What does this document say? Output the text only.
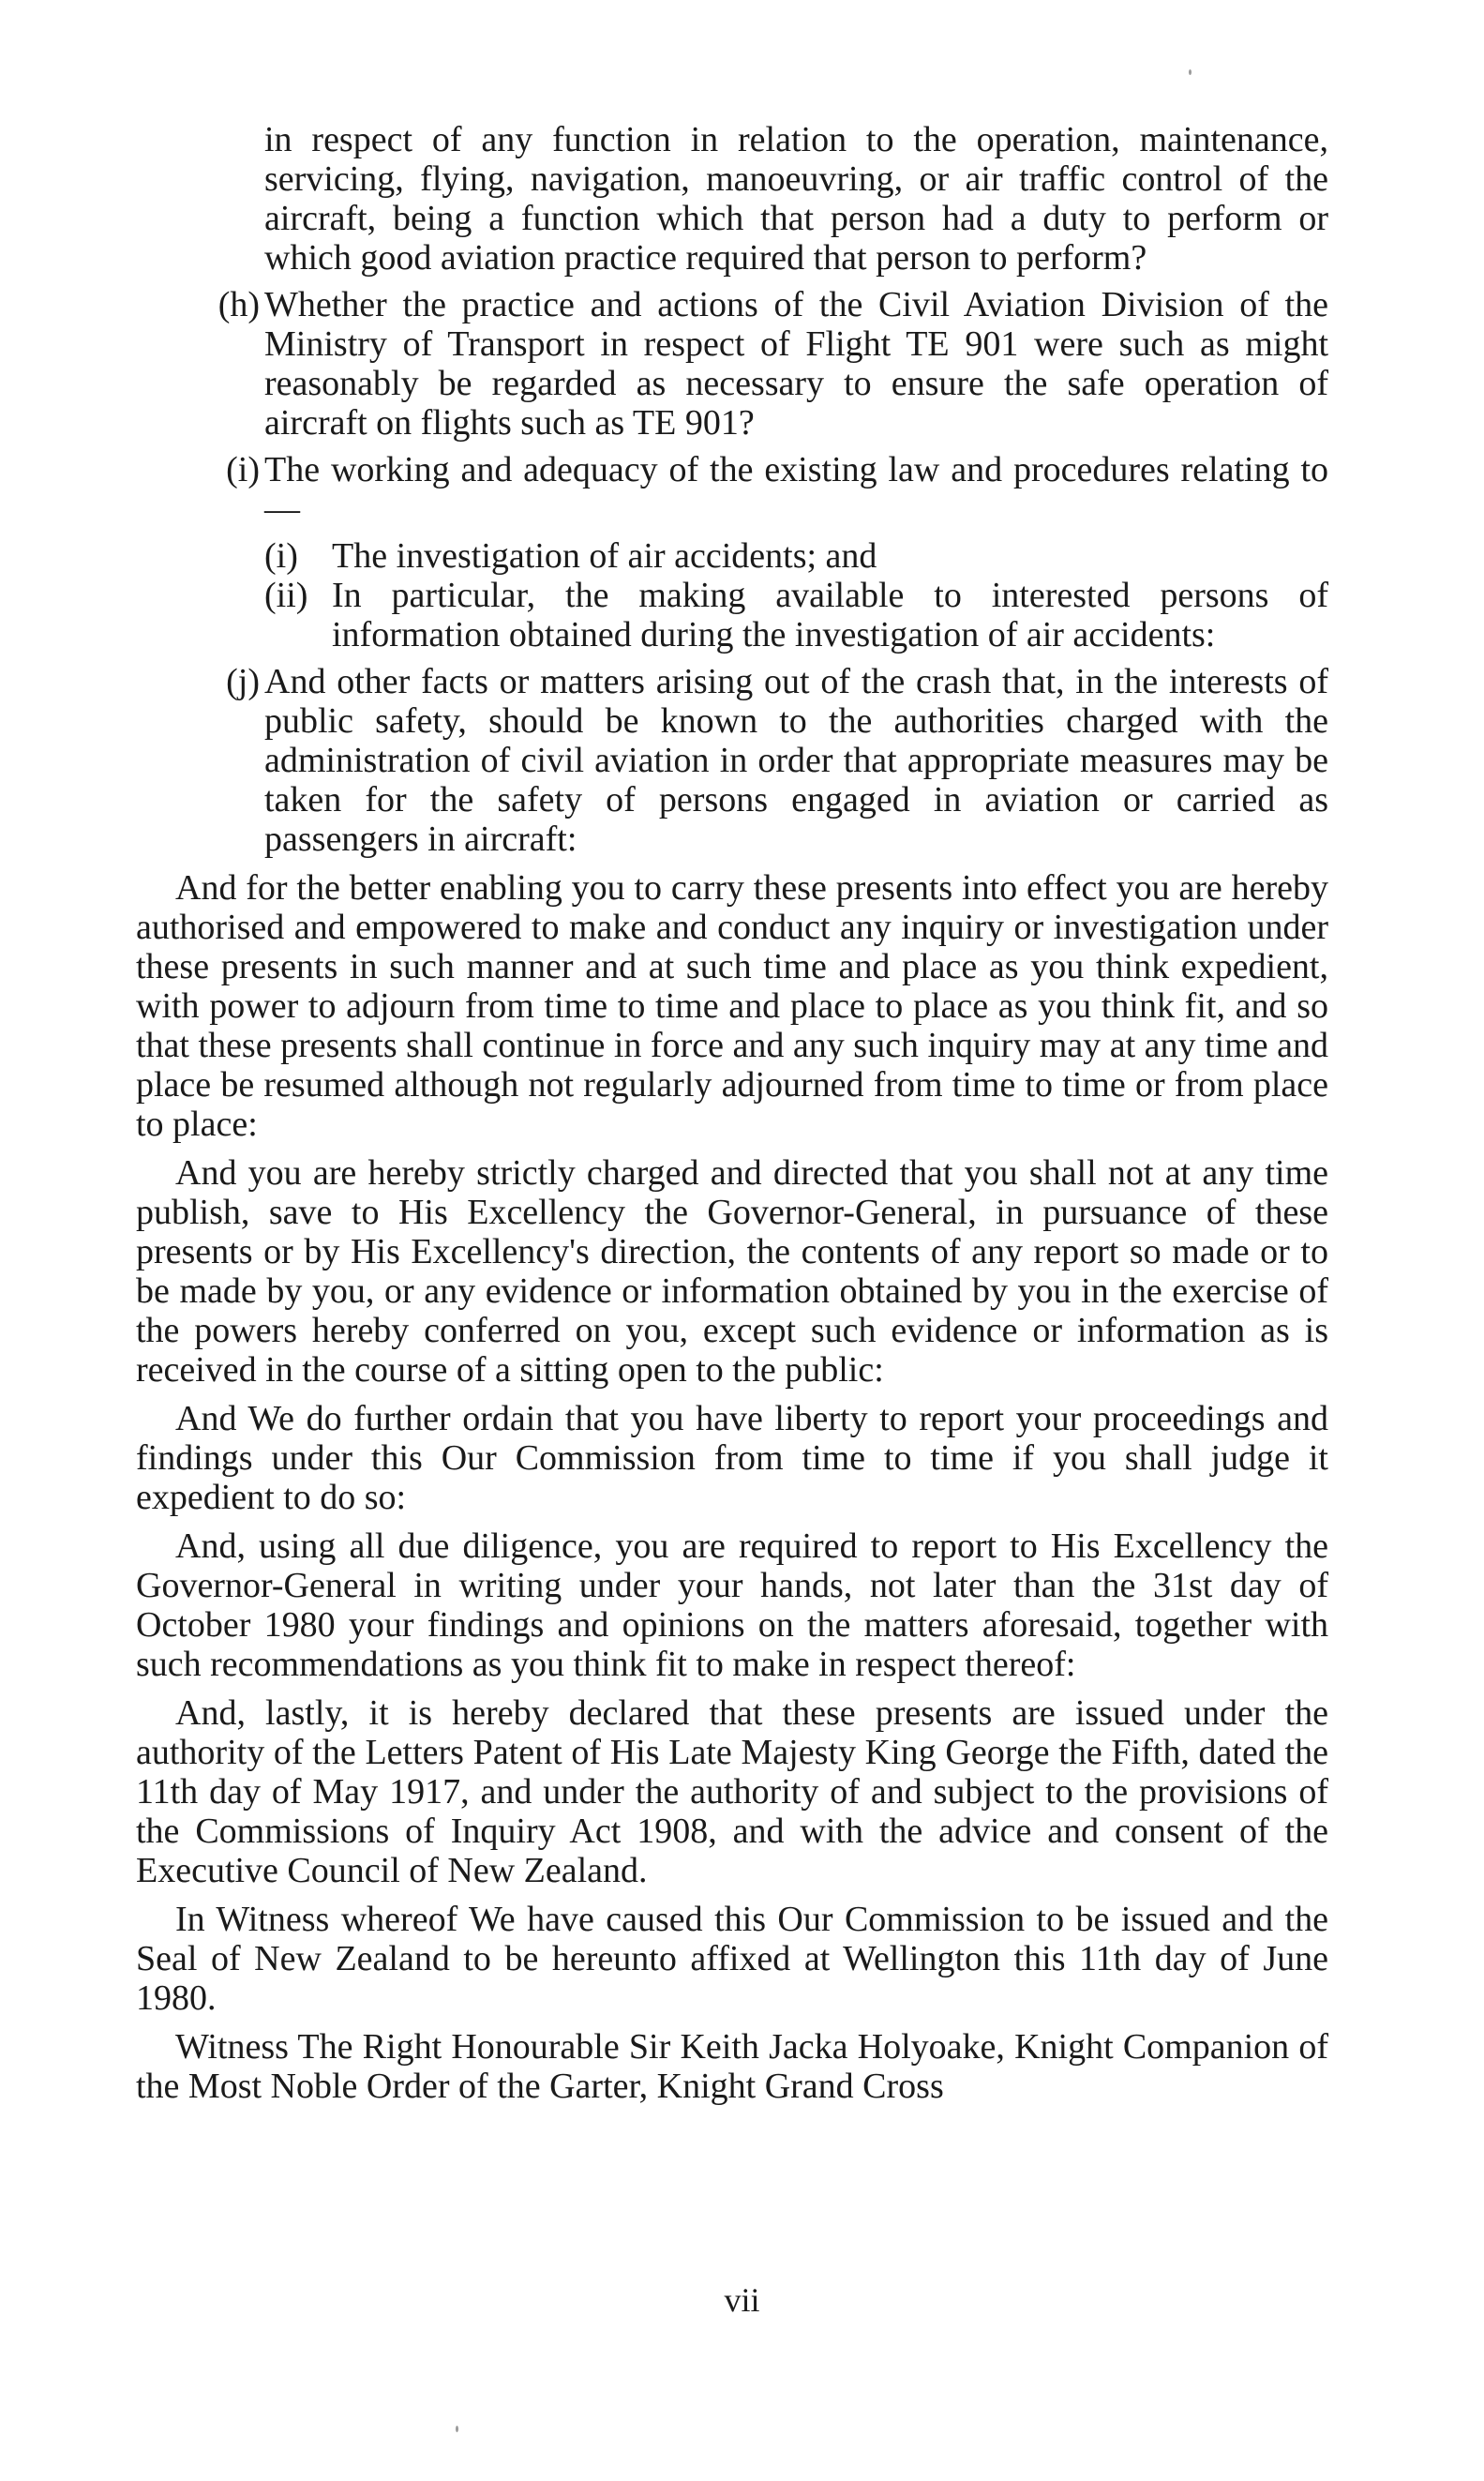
in respect of any function in relation to the operation, maintenance, servicing, flying, navigation, manoeuvring, or air traffic control of the aircraft, being a function which that person had a duty to perform or which good aviation practice required that person to perform?

(h) Whether the practice and actions of the Civil Aviation Division of the Ministry of Transport in respect of Flight TE 901 were such as might reasonably be regarded as necessary to ensure the safe operation of aircraft on flights such as TE 901?
(i) The working and adequacy of the existing law and procedures relating to—
(i) The investigation of air accidents; and
(ii) In particular, the making available to interested persons of information obtained during the investigation of air accidents:
(j) And other facts or matters arising out of the crash that, in the interests of public safety, should be known to the authorities charged with the administration of civil aviation in order that appropriate measures may be taken for the safety of persons engaged in aviation or carried as passengers in aircraft:

And for the better enabling you to carry these presents into effect you are hereby authorised and empowered to make and conduct any inquiry or investigation under these presents in such manner and at such time and place as you think expedient, with power to adjourn from time to time and place to place as you think fit, and so that these presents shall continue in force and any such inquiry may at any time and place be resumed although not regularly adjourned from time to time or from place to place:

And you are hereby strictly charged and directed that you shall not at any time publish, save to His Excellency the Governor-General, in pursuance of these presents or by His Excellency's direction, the contents of any report so made or to be made by you, or any evidence or information obtained by you in the exercise of the powers hereby conferred on you, except such evidence or information as is received in the course of a sitting open to the public:

And We do further ordain that you have liberty to report your proceedings and findings under this Our Commission from time to time if you shall judge it expedient to do so:

And, using all due diligence, you are required to report to His Excellency the Governor-General in writing under your hands, not later than the 31st day of October 1980 your findings and opinions on the matters aforesaid, together with such recommendations as you think fit to make in respect thereof:

And, lastly, it is hereby declared that these presents are issued under the authority of the Letters Patent of His Late Majesty King George the Fifth, dated the 11th day of May 1917, and under the authority of and subject to the provisions of the Commissions of Inquiry Act 1908, and with the advice and consent of the Executive Council of New Zealand.

In Witness whereof We have caused this Our Commission to be issued and the Seal of New Zealand to be hereunto affixed at Wellington this 11th day of June 1980.

Witness The Right Honourable Sir Keith Jacka Holyoake, Knight Companion of the Most Noble Order of the Garter, Knight Grand Cross

vii
